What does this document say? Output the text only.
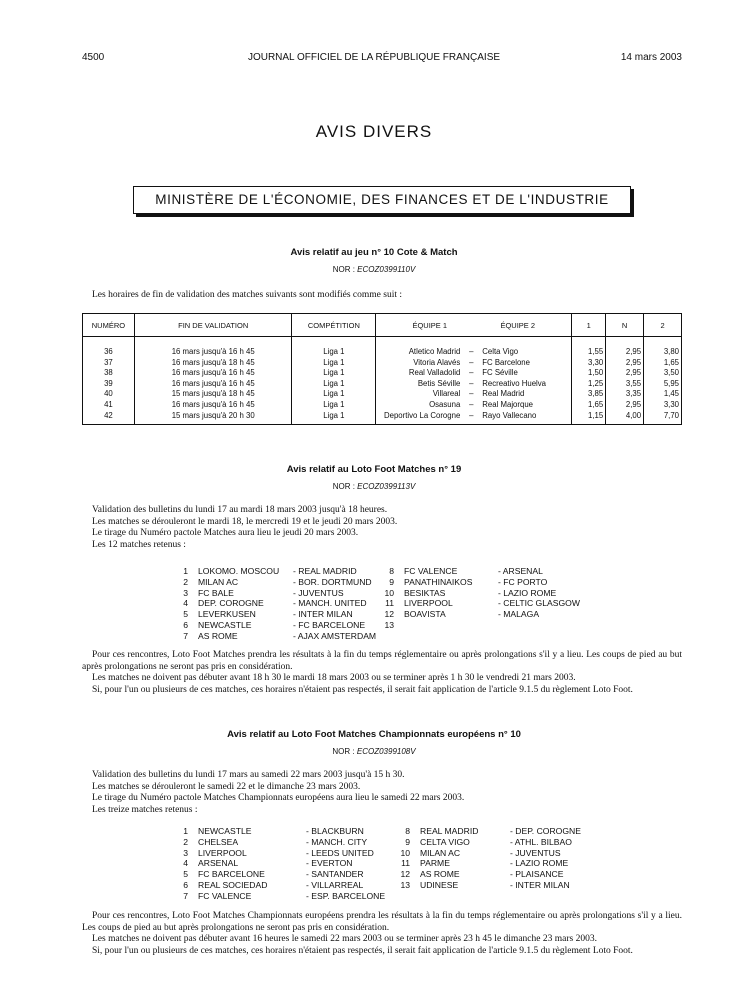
4500	JOURNAL OFFICIEL DE LA RÉPUBLIQUE FRANÇAISE	14 mars 2003
AVIS DIVERS
MINISTÈRE DE L'ÉCONOMIE, DES FINANCES ET DE L'INDUSTRIE
Avis relatif au jeu n° 10 Cote & Match
NOR : ECOZ0399110V
Les horaires de fin de validation des matches suivants sont modifiés comme suit :
NUMÉRO	FIN DE VALIDATION	COMPÉTITION	ÉQUIPE 1 ÉQUIPE 2	1	N	2

36	16 mars jusqu'à 16 h 45	Liga 1	Atletico Madrid – Celta Vigo	1,55	2,95	3,80
37	16 mars jusqu'à 18 h 45	Liga 1	Vitoria Alavés – FC Barcelone	3,30	2,95	1,65
38	16 mars jusqu'à 16 h 45	Liga 1	Real Valladolid – FC Séville	1,50	2,95	3,50
39	16 mars jusqu'à 16 h 45	Liga 1	Betis Séville – Recreativo Huelva	1,25	3,55	5,95
40	15 mars jusqu'à 18 h 45	Liga 1	Villareal – Real Madrid	3,85	3,35	1,45
41	16 mars jusqu'à 16 h 45	Liga 1	Osasuna – Real Majorque	1,65	2,95	3,30
42	15 mars jusqu'à 20 h 30	Liga 1	Deportivo La Corogne – Rayo Vallecano	1,15	4,00	7,70
Avis relatif au Loto Foot Matches n° 19
NOR : ECOZ0399113V
Validation des bulletins du lundi 17 au mardi 18 mars 2003 jusqu'à 18 heures.
Les matches se dérouleront le mardi 18, le mercredi 19 et le jeudi 20 mars 2003.
Le tirage du Numéro pactole Matches aura lieu le jeudi 20 mars 2003.
Les 12 matches retenus :
1 LOKOMO. MOSCOU - REAL MADRID	8 FC VALENCE	- ARSENAL
2 MILAN AC	- BOR. DORTMUND	9 PANATHINAIKOS	- FC PORTO
3 FC BALE	- JUVENTUS	10 BESIKTAS	- LAZIO ROME
4 DEP. COROGNE	- MANCH. UNITED	11 LIVERPOOL	- CELTIC GLASGOW
5 LEVERKUSEN	- INTER MILAN	12 BOAVISTA	- MALAGA
6 NEWCASTLE	- FC BARCELONE 13
7 AS ROME	- AJAX AMSTERDAM
Pour ces rencontres, Loto Foot Matches prendra les résultats à la fin du temps réglementaire ou après prolongations s'il y a lieu. Les coups de pied au but après prolongations ne seront pas pris en considération.
Les matches ne doivent pas débuter avant 18 h 30 le mardi 18 mars 2003 ou se terminer après 1 h 30 le vendredi 21 mars 2003.
Si, pour l'un ou plusieurs de ces matches, ces horaires n'étaient pas respectés, il serait fait application de l'article 9.1.5 du règlement Loto Foot.
Avis relatif au Loto Foot Matches Championnats européens n° 10
NOR : ECOZ0399108V
Validation des bulletins du lundi 17 mars au samedi 22 mars 2003 jusqu'à 15 h 30.
Les matches se dérouleront le samedi 22 et le dimanche 23 mars 2003.
Le tirage du Numéro pactole Matches Championnats européens aura lieu le samedi 22 mars 2003.
Les treize matches retenus :
1 NEWCASTLE	- BLACKBURN	8 REAL MADRID	- DEP. COROGNE
2 CHELSEA	- MANCH. CITY	9 CELTA VIGO	- ATHL. BILBAO
3 LIVERPOOL	- LEEDS UNITED	10 MILAN AC	- JUVENTUS
4 ARSENAL	- EVERTON	11 PARME	- LAZIO ROME
5 FC BARCELONE	- SANTANDER	12 AS ROME	- PLAISANCE
6 REAL SOCIEDAD	- VILLARREAL	13 UDINESE	- INTER MILAN
7 FC VALENCE	- ESP. BARCELONE
Pour ces rencontres, Loto Foot Matches Championnats européens prendra les résultats à la fin du temps réglementaire ou après prolongations s'il y a lieu. Les coups de pied au but après prolongations ne seront pas pris en considération.
Les matches ne doivent pas débuter avant 16 heures le samedi 22 mars 2003 ou se terminer après 23 h 45 le dimanche 23 mars 2003.
Si, pour l'un ou plusieurs de ces matches, ces horaires n'étaient pas respectés, il serait fait application de l'article 9.1.5 du règlement Loto Foot.
